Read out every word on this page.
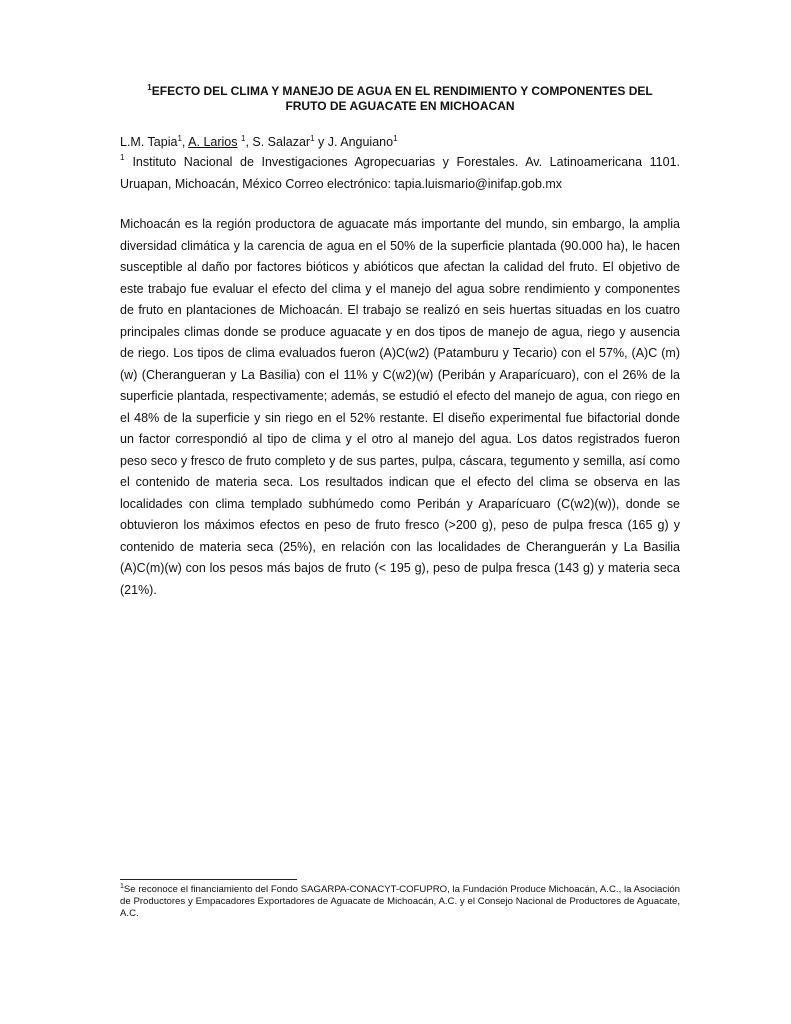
$^1$EFECTO DEL CLIMA Y MANEJO DE AGUA EN EL RENDIMIENTO Y COMPONENTES DEL
FRUTO DE AGUACATE EN MICHOACAN
L.M. Tapia$^1$, A. Larios $^1$, S. Salazar$^1$ y J. Anguiano$^1$
$^1$ Instituto Nacional de Investigaciones Agropecuarias y Forestales. Av. Latinoamericana 1101. Uruapan, Michoacán, México Correo electrónico: tapia.luismario@inifap.gob.mx

Michoacán es la región productora de aguacate más importante del mundo, sin embargo, la amplia diversidad climática y la carencia de agua en el 50% de la superficie plantada (90.000 ha), le hacen susceptible al daño por factores bióticos y abióticos que afectan la calidad del fruto. El objetivo de este trabajo fue evaluar el efecto del clima y el manejo del agua sobre rendimiento y componentes de fruto en plantaciones de Michoacán. El trabajo se realizó en seis huertas situadas en los cuatro principales climas donde se produce aguacate y en dos tipos de manejo de agua, riego y ausencia de riego. Los tipos de clima evaluados fueron (A)C(w2) (Patamburu y Tecario) con el 57%, (A)C (m)(w) (Cherangueran y La Basilia) con el 11% y C(w2)(w) (Peribán y Araparícuaro), con el 26% de la superficie plantada, respectivamente; además, se estudió el efecto del manejo de agua, con riego en el 48% de la superficie y sin riego en el 52% restante. El diseño experimental fue bifactorial donde un factor correspondió al tipo de clima y el otro al manejo del agua. Los datos registrados fueron peso seco y fresco de fruto completo y de sus partes, pulpa, cáscara, tegumento y semilla, así como el contenido de materia seca. Los resultados indican que el efecto del clima se observa en las localidades con clima templado subhúmedo como Peribán y Araparícuaro (C(w2)(w)), donde se obtuvieron los máximos efectos en peso de fruto fresco (>200 g), peso de pulpa fresca (165 g) y contenido de materia seca (25%), en relación con las localidades de Cheranguerán y La Basilia (A)C(m)(w) con los pesos más bajos de fruto (< 195 g), peso de pulpa fresca (143 g) y materia seca (21%).

$^1$Se reconoce el financiamiento del Fondo SAGARPA-CONACYT-COFUPRO, la Fundación Produce Michoacán, A.C., la Asociación de Productores y Empacadores Exportadores de Aguacate de Michoacán, A.C. y el Consejo Nacional de Productores de Aguacate, A.C.
